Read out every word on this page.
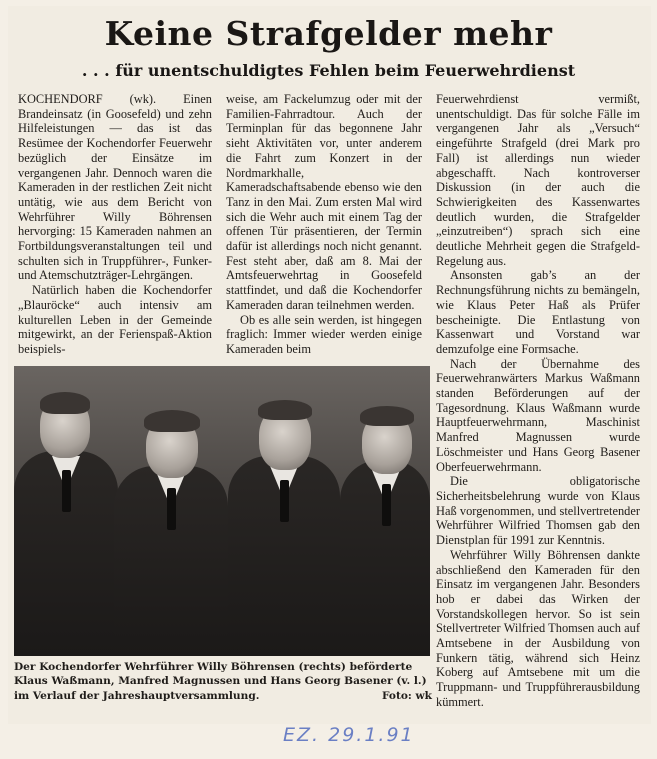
Keine Strafgelder mehr
. . . für unentschuldigtes Fehlen beim Feuerwehrdienst

KOCHENDORF (wk). Einen Brandeinsatz (in Goosefeld) und zehn Hilfeleistungen — das ist das Resümee der Kochendorfer Feuerwehr bezüglich der Einsätze im vergangenen Jahr. Dennoch waren die Kameraden in der restlichen Zeit nicht untätig, wie aus dem Bericht von Wehrführer Willy Böhrensen hervorging: 15 Kameraden nahmen an Fortbildungsveranstaltungen teil und schulten sich in Truppführer-, Funker- und Atemschutzträger-Lehrgängen.

Natürlich haben die Kochendorfer „Blauröcke“ auch intensiv am kulturellen Leben in der Gemeinde mitgewirkt, an der Ferienspaß-Aktion beispiels-

weise, am Fackelumzug oder mit der Familien-Fahrradtour. Auch der Terminplan für das begonnene Jahr sieht Aktivitäten vor, unter anderem die Fahrt zum Konzert in der Nordmarkhalle, Kameradschaftsabende ebenso wie den Tanz in den Mai. Zum ersten Mal wird sich die Wehr auch mit einem Tag der offenen Tür präsentieren, der Termin dafür ist allerdings noch nicht genannt. Fest steht aber, daß am 8. Mai der Amtsfeuerwehrtag in Goosefeld stattfindet, und daß die Kochendorfer Kameraden daran teilnehmen werden.

Ob es alle sein werden, ist hingegen fraglich: Immer wieder werden einige Kameraden beim

Feuerwehrdienst vermißt, unentschuldigt. Das für solche Fälle im vergangenen Jahr als „Versuch“ eingeführte Strafgeld (drei Mark pro Fall) ist allerdings nun wieder abgeschafft. Nach kontroverser Diskussion (in der auch die Schwierigkeiten des Kassenwartes deutlich wurden, die Strafgelder „einzutreiben“) sprach sich eine deutliche Mehrheit gegen die Strafgeld-Regelung aus.

Ansonsten gab’s an der Rechnungsführung nichts zu bemängeln, wie Klaus Peter Haß als Prüfer bescheinigte. Die Entlastung von Kassenwart und Vorstand war demzufolge eine Formsache.

Nach der Übernahme des Feuerwehranwärters Markus Waßmann standen Beförderungen auf der Tagesordnung. Klaus Waßmann wurde Hauptfeuerwehrmann, Maschinist Manfred Magnussen wurde Löschmeister und Hans Georg Basener Oberfeuerwehrmann.

Die obligatorische Sicherheitsbelehrung wurde von Klaus Haß vorgenommen, und stellvertretender Wehrführer Wilfried Thomsen gab den Dienstplan für 1991 zur Kenntnis.

Wehrführer Willy Böhrensen dankte abschließend den Kameraden für den Einsatz im vergangenen Jahr. Besonders hob er dabei das Wirken der Vorstandskollegen hervor. So ist sein Stellvertreter Wilfried Thomsen auch auf Amtsebene in der Ausbildung von Funkern tätig, während sich Heinz Koberg auf Amtsebene mit um die Truppmann- und Truppführerausbildung kümmert.

Der Kochendorfer Wehrführer Willy Böhrensen (rechts) beförderte Klaus Waßmann, Manfred Magnussen und Hans Georg Basener (v. l.) im Verlauf der Jahreshauptversammlung.	Foto: wk

EZ. 29.1.91
